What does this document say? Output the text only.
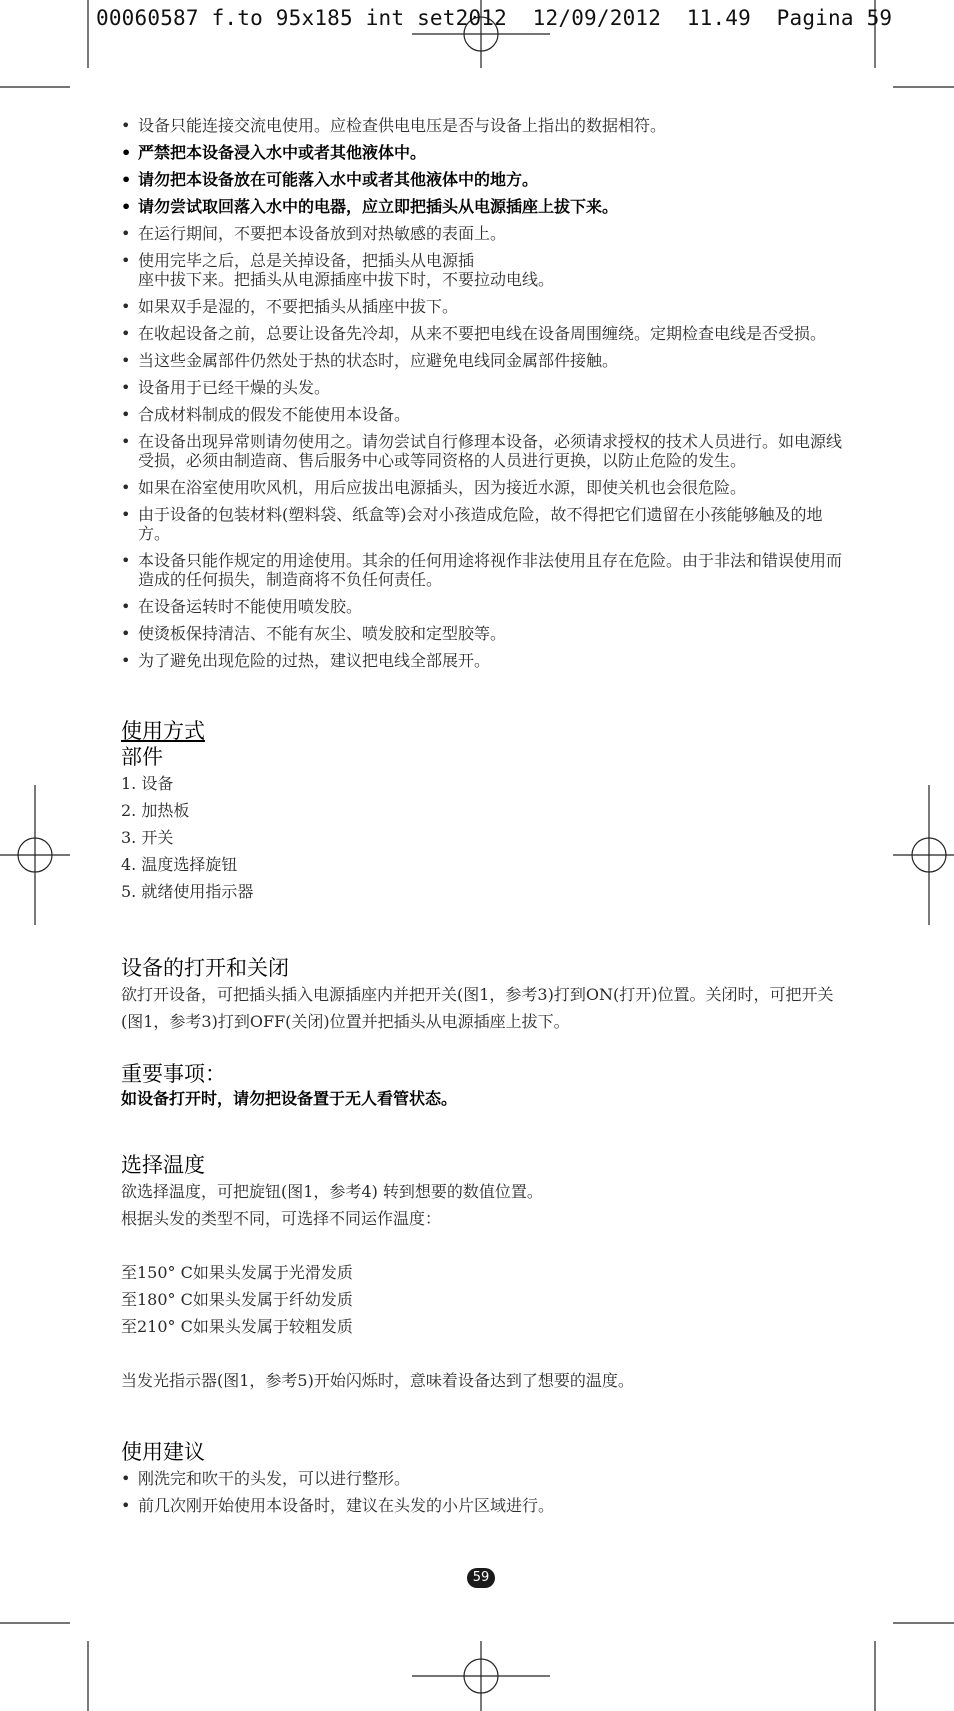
00060587 f.to 95x185 int set2012  12/09/2012  11.49  Pagina 59
• 设备只能连接交流电使用。应检查供电电压是否与设备上指出的数据相符。
• 严禁把本设备浸入水中或者其他液体中。
• 请勿把本设备放在可能落入水中或者其他液体中的地方。
• 请勿尝试取回落入水中的电器，应立即把插头从电源插座上拔下来。
• 在运行期间，不要把本设备放到对热敏感的表面上。
• 使用完毕之后，总是关掉设备，把插头从电源插
座中拔下来。把插头从电源插座中拔下时，不要拉动电线。
• 如果双手是湿的，不要把插头从插座中拔下。
• 在收起设备之前，总要让设备先冷却，从来不要把电线在设备周围缠绕。定期检查电线是否受损。
• 当这些金属部件仍然处于热的状态时，应避免电线同金属部件接触。
• 设备用于已经干燥的头发。
• 合成材料制成的假发不能使用本设备。
• 在设备出现异常则请勿使用之。请勿尝试自行修理本设备，必须请求授权的技术人员进行。如电源线受损，必须由制造商、售后服务中心或等同资格的人员进行更换，以防止危险的发生。
• 如果在浴室使用吹风机，用后应拔出电源插头，因为接近水源，即使关机也会很危险。
• 由于设备的包装材料(塑料袋、纸盒等)会对小孩造成危险，故不得把它们遗留在小孩能够触及的地方。
• 本设备只能作规定的用途使用。其余的任何用途将视作非法使用且存在危险。由于非法和错误使用而造成的任何损失，制造商将不负任何责任。
• 在设备运转时不能使用喷发胶。
• 使烫板保持清洁、不能有灰尘、喷发胶和定型胶等。
• 为了避免出现危险的过热，建议把电线全部展开。
使用方式
部件
1. 设备
2. 加热板
3. 开关
4. 温度选择旋钮
5. 就绪使用指示器
设备的打开和关闭

欲打开设备，可把插头插入电源插座内并把开关(图1，参考3)打到ON(打开)位置。关闭时，可把开关(图1，参考3)打到OFF(关闭)位置并把插头从电源插座上拔下。

重要事项：
如设备打开时，请勿把设备置于无人看管状态。
选择温度

欲选择温度，可把旋钮(图1，参考4) 转到想要的数值位置。

根据头发的类型不同，可选择不同运作温度：

至150° C如果头发属于光滑发质

至180° C如果头发属于纤幼发质

至210° C如果头发属于较粗发质

当发光指示器(图1，参考5)开始闪烁时，意味着设备达到了想要的温度。

使用建议
• 刚洗完和吹干的头发，可以进行整形。
• 前几次刚开始使用本设备时，建议在头发的小片区域进行。
59
